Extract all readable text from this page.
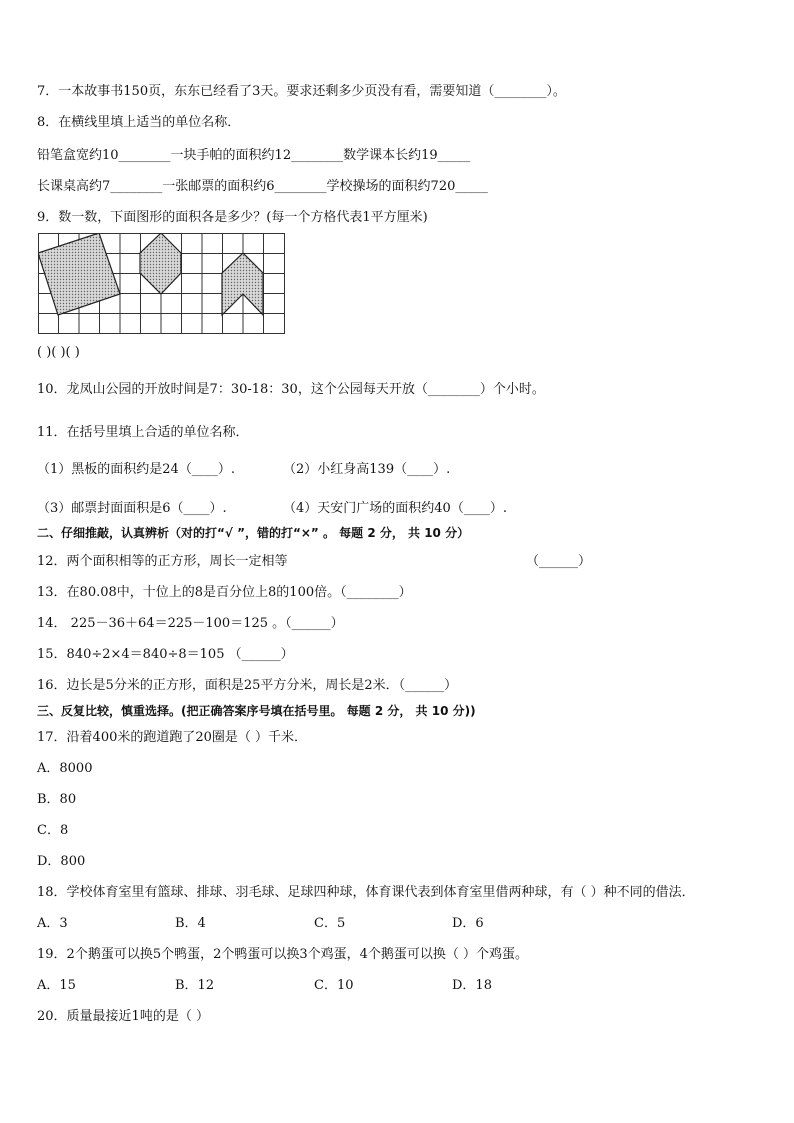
7．一本故事书150页，东东已经看了3天。要求还剩多少页没有看，需要知道（________）。
8．在横线里填上适当的单位名称．
铅笔盒宽约10________一块手帕的面积约12________数学课本长约19_____
长课桌高约7________一张邮票的面积约6________学校操场的面积约720_____
9．数一数，下面图形的面积各是多少？(每一个方格代表1平方厘米)
( )( )( )
10．龙凤山公园的开放时间是7：30-18：30，这个公园每天开放（________）个小时。
11．在括号里填上合适的单位名称．
（1）黑板的面积约是24（____）.	（2）小红身高139（____）.
（3）邮票封面面积是6（____）.	（4）天安门广场的面积约40（____）.
二、仔细推敲，认真辨析（对的打“√ ”，错的打“×” 。 每题 2 分， 共 10 分）
12．两个面积相等的正方形，周长一定相等	（______）
13．在80.08中，十位上的8是百分位上8的100倍。（________）
14． 225－36＋64＝225－100＝125 。（______）
15．840÷2×4＝840÷8＝105 （______）
16．边长是5分米的正方形，面积是25平方分米，周长是2米．（______）
三、反复比较，慎重选择。(把正确答案序号填在括号里。 每题 2 分， 共 10 分))
17．沿着400米的跑道跑了20圈是（ ）千米．
A．8000
B．80
C．8
D．800
18．学校体育室里有篮球、排球、羽毛球、足球四种球，体育课代表到体育室里借两种球，有（ ）种不同的借法．
A．3	B．4	C．5	D．6
19．2个鹅蛋可以换5个鸭蛋，2个鸭蛋可以换3个鸡蛋，4个鹅蛋可以换（ ）个鸡蛋。
A．15	B．12	C．10	D．18
20．质量最接近1吨的是（ ）
